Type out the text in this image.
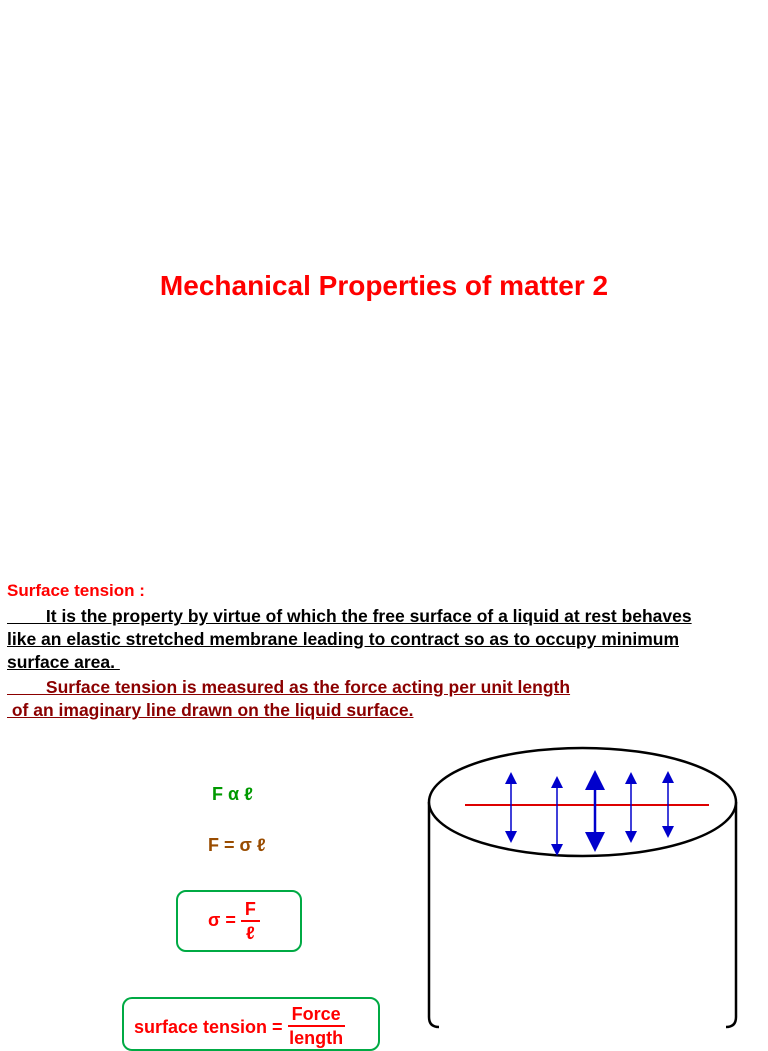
Mechanical Properties of matter 2
Surface tension :
It is the property by virtue of which the free surface of a liquid at rest behaves
like an elastic stretched membrane leading to contract so as to occupy minimum
surface area.
Surface tension is measured as the force acting per unit length
of an imaginary line drawn on the liquid surface.
F α ℓ
F = σ ℓ
$\sigma = \frac{F}{\text{ℓ}}$
surface tension = $\frac{\text{Force}}{\text{length}}$
